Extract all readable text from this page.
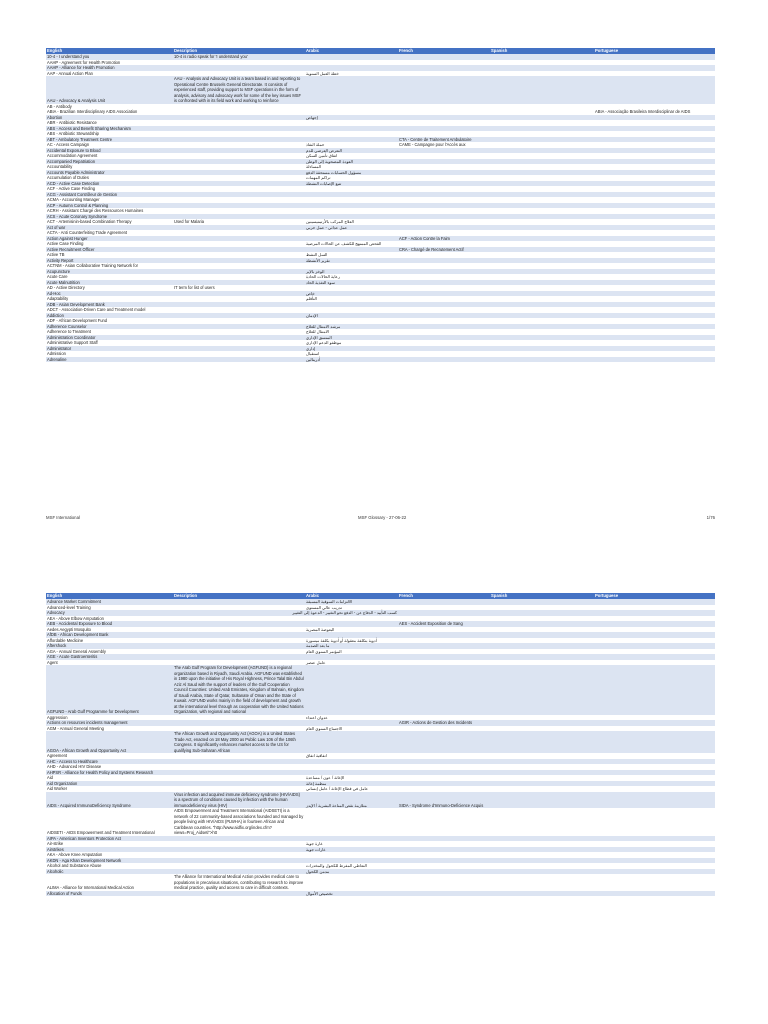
English	Description	Arabic	French	Spanish	Portuguese
10-4 - I understand you	10-4 is radio speak for 'I understand you'				
AAHP - Agreement for Health Promotion					
AAHP - Alliance for Health Promotion					
AAP - Annual Action Plan		خطة العمل السنوية			
AAU - Advocacy & Analysis Unit	AAU - Analysis and Advocacy Unit is a team based in and reporting to Operational Centre Brussels General Directorate. It consists of experienced staff, providing support to MSF operations in the form of analysis, advisory and advocacy work for some of the key issues MSF is confronted with in its field work and working to reinforce				
AB - Antibody					

ABIA - Brazilian Interdisciplinary AIDS Association					ABIA - Associação Brasileira Interdisciplinar de AIDS
Abortion		إجهاض			
ABR - Antibiotic Resistance					
ABS - Access and Benefit Sharing Mechanism					
ABS - Antibiotic Stewardship					
ABT - Ambulatory Treatment Centre			CTA - Centre de Traitement Ambulatoire		
AC - Access Campaign		حملة النفاذ	CAME - Campagne pour l'Accès aux		
Accidental Exposure to Blood		التعرض العرضي للدم			
Accommodation Agreement		اتفاق تأمين السكن			
Accompanied Repatriation		العودة المصحوبة إلى الوطن			
Accountability		المساءلة			
Accounts Payable Administrator		مسؤول الحسابات مستحقة الدفع			
Accumulation of Duties		تراكم المهمات			
ACD - Active Case Detection		تتبع الإصابات النشطة			
ACF - Active Case Finding					
ACG - Assistant Contrôleur de Gestion					
ACMA - Accounting Manager					
ACP - Autumn Control & Planning					
ACRH - Assistant Chargé des Ressources Humaines					
ACS - Acute Coronary Syndrome					
ACT - Artemisinin-based Combination Therapy	Used for Malaria	العلاج المركب بالأرتيميسينين			
Act of war		عمل عدائي - عمل حربي			
ACTA - Anti Counterfeiting Trade Agreement					
Action Against Hunger			ACF - Action Contre la Faim		
Active Case Finding		الفحص الممنهج للكشف عن الحالات المرضية			
Active Recruitment Officer			CRA - Chargé de Recrutement Actif		
Active TB		السل النشط			
Activity Report		تقرير الأنشطة			
ACTNM - Asian Collaborative Training Network for					
Acupuncture		الوخز بالإبر			
Acute Care		رعاية الحالات الحادة			
Acute Malnutrition		سوء التغذية الحاد			
AD - Active Directory	IT term for list of users				
Ad-Hoc		خاص			
Adaptability		التأقلم			
ADB - Asian Development Bank					
ADCT - Association-Driven Care and Treatment model					
Addiction		الإدمان			
ADF - African Development Fund					
Adherence Counselor		مرشد الامتثال للعلاج			
Adherence to Treatment		الامتثال للعلاج			
Administration Coordinator		المنسق الإداري			
Administrative Support Staff		موظفو الدعم الإداري			
Administrator		إداري			
Admission		استقبال			
Adrenaline		أدرينالين			
MSF International	MSF Glossary - 27-06-22	1/76
English	Description	Arabic	French	Spanish	Portuguese
Advance Market Commitment		الالتزامات السوقية المسبقة			
Advanced-level Training		تدريب عالي المستوى			
Advocacy		كسب التأييد - الدفاع عن - الدفع نحو التغيير - الدعوة إلى التغيير			
AEA - Above Elbow Amputation					
AEB - Accidental Exposure to Blood			AES - Accident Exposition de Sang		
Aedes Aegypti Mosquito		البعوضة المصرية			
AfDB - African Development Bank					
Affordable Medicine		أدوية بتكلفة معقولة أو أدوية بكلفة ميسورة			
Aftershock		ما بعد الصدمة			
AGA - Annual General Assembly		المؤتمر السنوي العام			
AGE - Acute Gastroenteritis					
Agent		عامل عنصر			
AGFUND - Arab Gulf Programme for Development	The Arab Gulf Program for Development (AGFUND) is a regional organization based in Riyadh, Saudi Arabia. AGFUND was established in 1980 upon the initiative of His Royal Highness, Prince Talal Bin Abdul Aziz Al Saud with the support of leaders of the Gulf Cooperation Council Countries: United Arab Emirates, Kingdom of Bahrain, Kingdom of Saudi Arabia, State of Qatar, Sultanate of Oman and the State of Kuwait. AGFUND works mainly in the field of development and growth at the international level through as cooperation with the United Nations Organization, with regional and national				
Aggression		عدوان اعتداء			
Actions on resources incidents management			AGIR - Actions de Gestion des Incidents		
AGM - Annual General Meeting		الاجتماع السنوي العام			
AGOA - African Growth and Opportunity Act	The African Growth and Opportunity Act (AGOA) is a United States Trade Act, enacted on 18 May 2000 as Public Law 106 of the 106th Congress. It significantly enhances market access to the US for qualifying Sub-Saharan African				
Agreement		اتفاقية اتفاق			
AHC - Access to Healthcare					
AHD - Advanced HIV Disease					
AHPSR - Alliance for Health Policy and Systems Research					
Aid		الإغاثة / عون / مساعدة			
Aid Organization		منظمة إغاثة			
Aid Worker		عامل في قطاع الإغاثة / عامل إنساني			
AIDS - Acquired ImmunoDeficiency Syndrome	Virus infection and acquired immune deficiency syndrome (HIV/AIDS) is a spectrum of conditions caused by infection with the human immunodeficiency virus (HIV)	متلازمة نقص المناعة البشرية / الإيدز	SIDA - Syndrome d'Immuno-Deficience Acquis		
AIDSETI - AIDS Empowerment and Treatment International	AIDS Empowerment and Treatment International (AIDSETI) is a network of 22 community-based associations founded and managed by people living with HIV/AIDS (PLWHA) in fourteen African and Caribbean countries. "http://www.aidfix.org/index.cfm?views=Proj_Aidseti">htt				
AIPA - American Inventors Protection Act					
Air-strike		غارة جوية			
Airstrikes		غارات جوية			
AKA - Above Knee Amputation					
AKDN - Aga Khan Development Network					
Alcohol and Substance Abuse		التعاطي المفرط للكحول والمخدرات			
Alcoholic		مدمن الكحول			
ALIMA - Alliance for International Medical Action	The Alliance for International Medical Action provides medical care to populations in precarious situations, contributing to research to improve medical practice, quality and access to care in difficult contexts.				
Allocation of Funds		تخصيص الأموال			
